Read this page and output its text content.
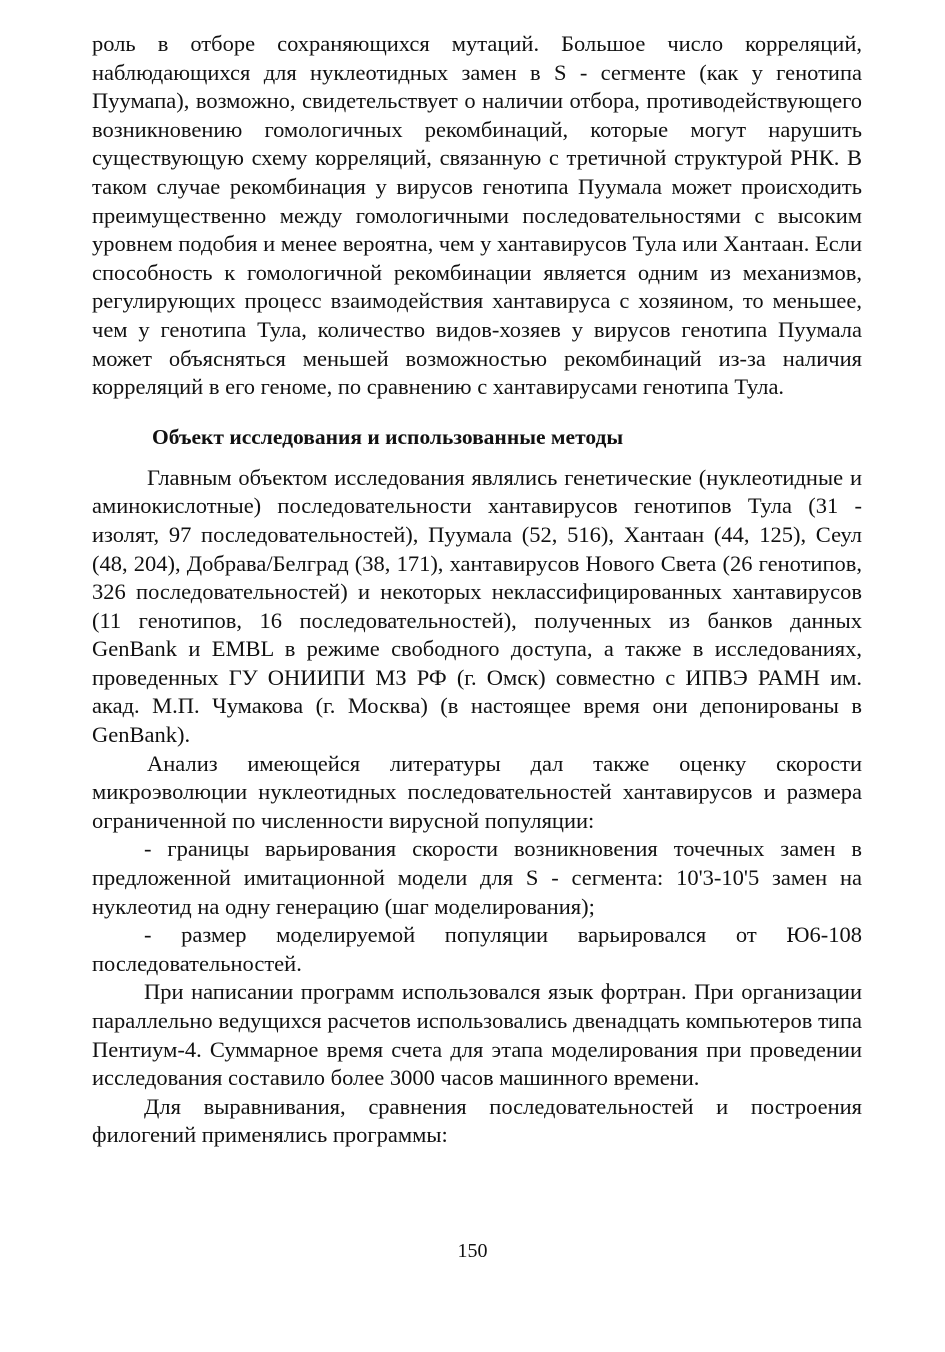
роль в отборе сохраняющихся мутаций. Большое число корреляций, наблюдающихся для нуклеотидных замен в S - сегменте (как у генотипа Пуумапа), возможно, свидетельствует о наличии отбора, противодействующего возникновению гомологичных рекомбинаций, которые могут нарушить существующую схему корреляций, связанную с третичной структурой РНК. В таком случае рекомбинация у вирусов генотипа Пуумала может происходить преимущественно между гомологичными последовательностями с высоким уровнем подобия и менее вероятна, чем у хантавирусов Тула или Хантаан. Если способность к гомологичной рекомбинации является одним из механизмов, регулирующих процесс взаимодействия хантавируса с хозяином, то меньшее, чем у генотипа Тула, количество видов-хозяев у вирусов генотипа Пуумала может объясняться меньшей возможностью рекомбинаций из-за наличия корреляций в его геноме, по сравнению с хантавирусами генотипа Тула.

Объект исследования и использованные методы

Главным объектом исследования являлись генетические (нуклеотидные и аминокислотные) последовательности хантавирусов генотипов Тула (31 - изолят, 97 последовательностей), Пуумала (52, 516), Хантаан (44, 125), Сеул (48, 204), Добрава/Белград (38, 171), хантавирусов Нового Света (26 генотипов, 326 последовательностей) и некоторых неклассифицированных хантавирусов (11 генотипов, 16 последовательностей), полученных из банков данных GenBank и EMBL в режиме свободного доступа, а также в исследованиях, проведенных ГУ ОНИИПИ МЗ РФ (г. Омск) совместно с ИПВЭ РАМН им. акад. М.П. Чумакова (г. Москва) (в настоящее время они депонированы в GenBank).

Анализ имеющейся литературы дал также оценку скорости микроэволюции нуклеотидных последовательностей хантавирусов и размера ограниченной по численности вирусной популяции:

- границы варьирования скорости возникновения точечных замен в предложенной имитационной модели для S - сегмента: 10'3-10'5 замен на нуклеотид на одну генерацию (шаг моделирования);

- размер моделируемой популяции варьировался от Ю6-108 последовательностей.

При написании программ использовался язык фортран. При организации параллельно ведущихся расчетов использовались двенадцать компьютеров типа Пентиум-4. Суммарное время счета для этапа моделирования при проведении исследования составило более 3000 часов машинного времени.

Для выравнивания, сравнения последовательностей и построения филогений применялись программы:

150
